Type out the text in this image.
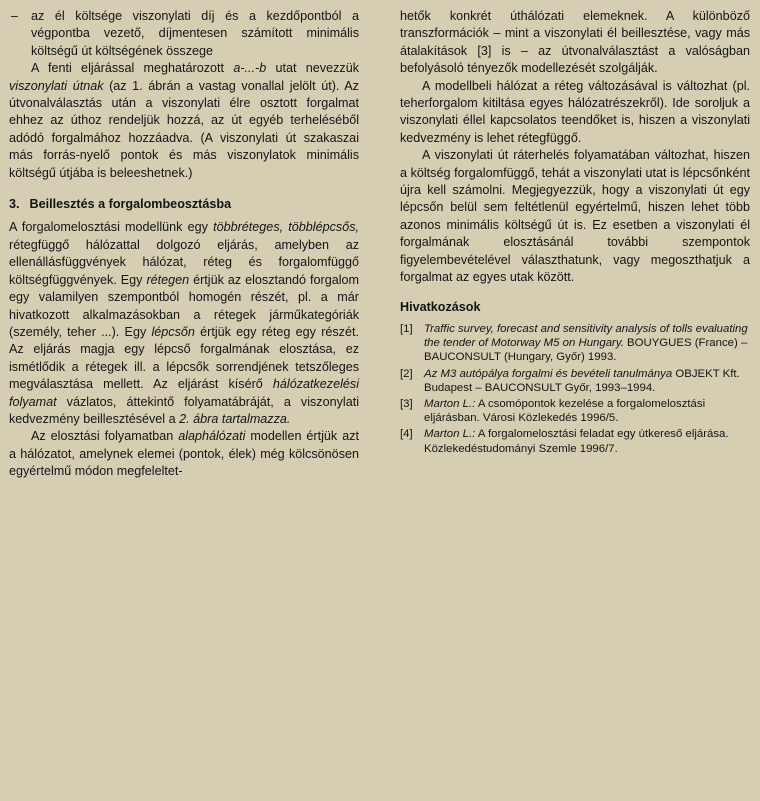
– az él költsége viszonylati díj és a kezdőpontból a végpontba vezető, díjmentesen számított minimális költségű út költségének összege

A fenti eljárással meghatározott a-...-b utat nevezzük viszonylati útnak (az 1. ábrán a vastag vonallal jelölt út). Az útvonalválasztás után a viszonylati élre osztott forgalmat ehhez az úthoz rendeljük hozzá, az út egyéb terheléséből adódó forgalmához hozzáadva. (A viszonylati út szakaszai más forrás-nyelő pontok és más viszonylatok minimális költségű útjába is beleeshetnek.)

3. Beillesztés a forgalombeosztásba

A forgalomelosztási modellünk egy többréteges, többlépcsős, rétegfüggő hálózattal dolgozó eljárás, amelyben az ellenállásfüggvények hálózat, réteg és forgalomfüggő költségfüggvények. Egy rétegen értjük az elosztandó forgalom egy valamilyen szempontból homogén részét, pl. a már hivatkozott alkalmazásokban a rétegek járműkategóriák (személy, teher ...). Egy lépcsőn értjük egy réteg egy részét. Az eljárás magja egy lépcső forgalmának elosztása, ez ismétlődik a rétegek ill. a lépcsők sorrendjének tetszőleges megválasztása mellett. Az eljárást kísérő hálózatkezelési folyamat vázlatos, áttekintő folyamatábráját, a viszonylati kedvezmény beillesztésével a 2. ábra tartalmazza.

Az elosztási folyamatban alaphálózati modellen értjük azt a hálózatot, amelynek elemei (pontok, élek) még kölcsönösen egyértelmű módon megfeleltet-

hetők konkrét úthálózati elemeknek. A különböző transzformációk – mint a viszonylati él beillesztése, vagy más átalakítások [3] is – az útvonalválasztást a valóságban befolyásoló tényezők modellezését szolgálják.

A modellbeli hálózat a réteg változásával is változhat (pl. teherforgalom kitiltása egyes hálózatrészekről). Ide soroljuk a viszonylati éllel kapcsolatos teendőket is, hiszen a viszonylati kedvezmény is lehet rétegfüggő.

A viszonylati út ráterhelés folyamatában változhat, hiszen a költség forgalomfüggő, tehát a viszonylati utat is lépcsőnként újra kell számolni. Megjegyezzük, hogy a viszonylati út egy lépcsőn belül sem feltétlenül egyértelmű, hiszen lehet több azonos minimális költségű út is. Ez esetben a viszonylati él forgalmának elosztásánál további szempontok figyelembevételével választhatunk, vagy megoszthatjuk a forgalmat az egyes utak között.

Hivatkozások
[1] Traffic survey, forecast and sensitivity analysis of tolls evaluating the tender of Motorway M5 on Hungary. BOUYGUES (France) – BAUCONSULT (Hungary, Győr) 1993.
[2] Az M3 autópálya forgalmi és bevételi tanulmánya OBJEKT Kft. Budapest – BAUCONSULT Győr, 1993–1994.
[3] Marton L.: A csomópontok kezelése a forgalomelosztási eljárásban. Városi Közlekedés 1996/5.
[4] Marton L.: A forgalomelosztási feladat egy útkereső eljárása. Közlekedéstudományi Szemle 1996/7.
